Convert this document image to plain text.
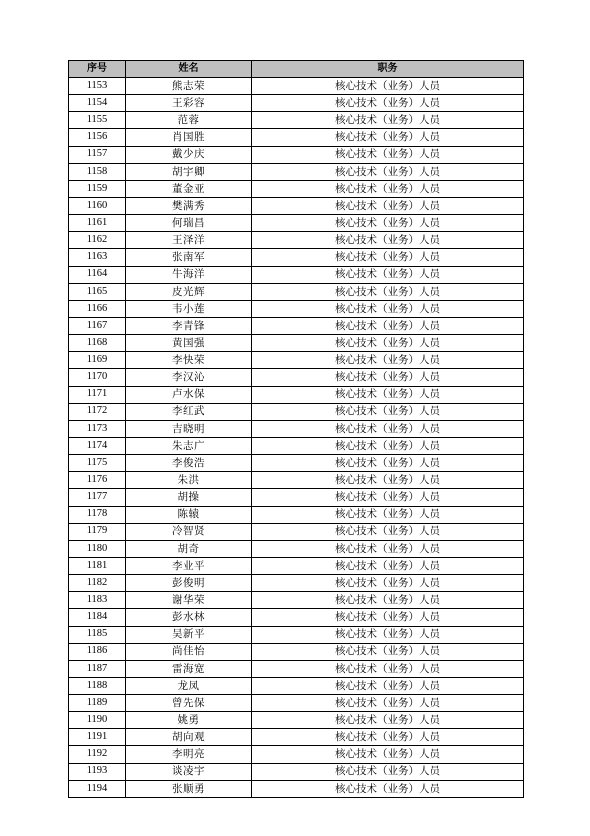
序号	姓名	职务
1153	熊志荣	核心技术（业务）人员
1154	王彩容	核心技术（业务）人员
1155	范蓉	核心技术（业务）人员
1156	肖国胜	核心技术（业务）人员
1157	戴少庆	核心技术（业务）人员
1158	胡宇卿	核心技术（业务）人员
1159	董金亚	核心技术（业务）人员
1160	樊满秀	核心技术（业务）人员
1161	何瑞昌	核心技术（业务）人员
1162	王泽洋	核心技术（业务）人员
1163	张南军	核心技术（业务）人员
1164	牛海洋	核心技术（业务）人员
1165	皮光辉	核心技术（业务）人员
1166	韦小莲	核心技术（业务）人员
1167	李青锋	核心技术（业务）人员
1168	黄国强	核心技术（业务）人员
1169	李快荣	核心技术（业务）人员
1170	李汉沁	核心技术（业务）人员
1171	卢水保	核心技术（业务）人员
1172	李红武	核心技术（业务）人员
1173	吉晓明	核心技术（业务）人员
1174	朱志广	核心技术（业务）人员
1175	李俊浩	核心技术（业务）人员
1176	朱洪	核心技术（业务）人员
1177	胡操	核心技术（业务）人员
1178	陈辕	核心技术（业务）人员
1179	冷智贤	核心技术（业务）人员
1180	胡奇	核心技术（业务）人员
1181	李业平	核心技术（业务）人员
1182	彭俊明	核心技术（业务）人员
1183	谢华荣	核心技术（业务）人员
1184	彭水林	核心技术（业务）人员
1185	吴新平	核心技术（业务）人员
1186	尚佳怡	核心技术（业务）人员
1187	雷海宽	核心技术（业务）人员
1188	龙凤	核心技术（业务）人员
1189	曾先保	核心技术（业务）人员
1190	姚勇	核心技术（业务）人员
1191	胡向观	核心技术（业务）人员
1192	李明亮	核心技术（业务）人员
1193	谈凌宇	核心技术（业务）人员
1194	张顺勇	核心技术（业务）人员
